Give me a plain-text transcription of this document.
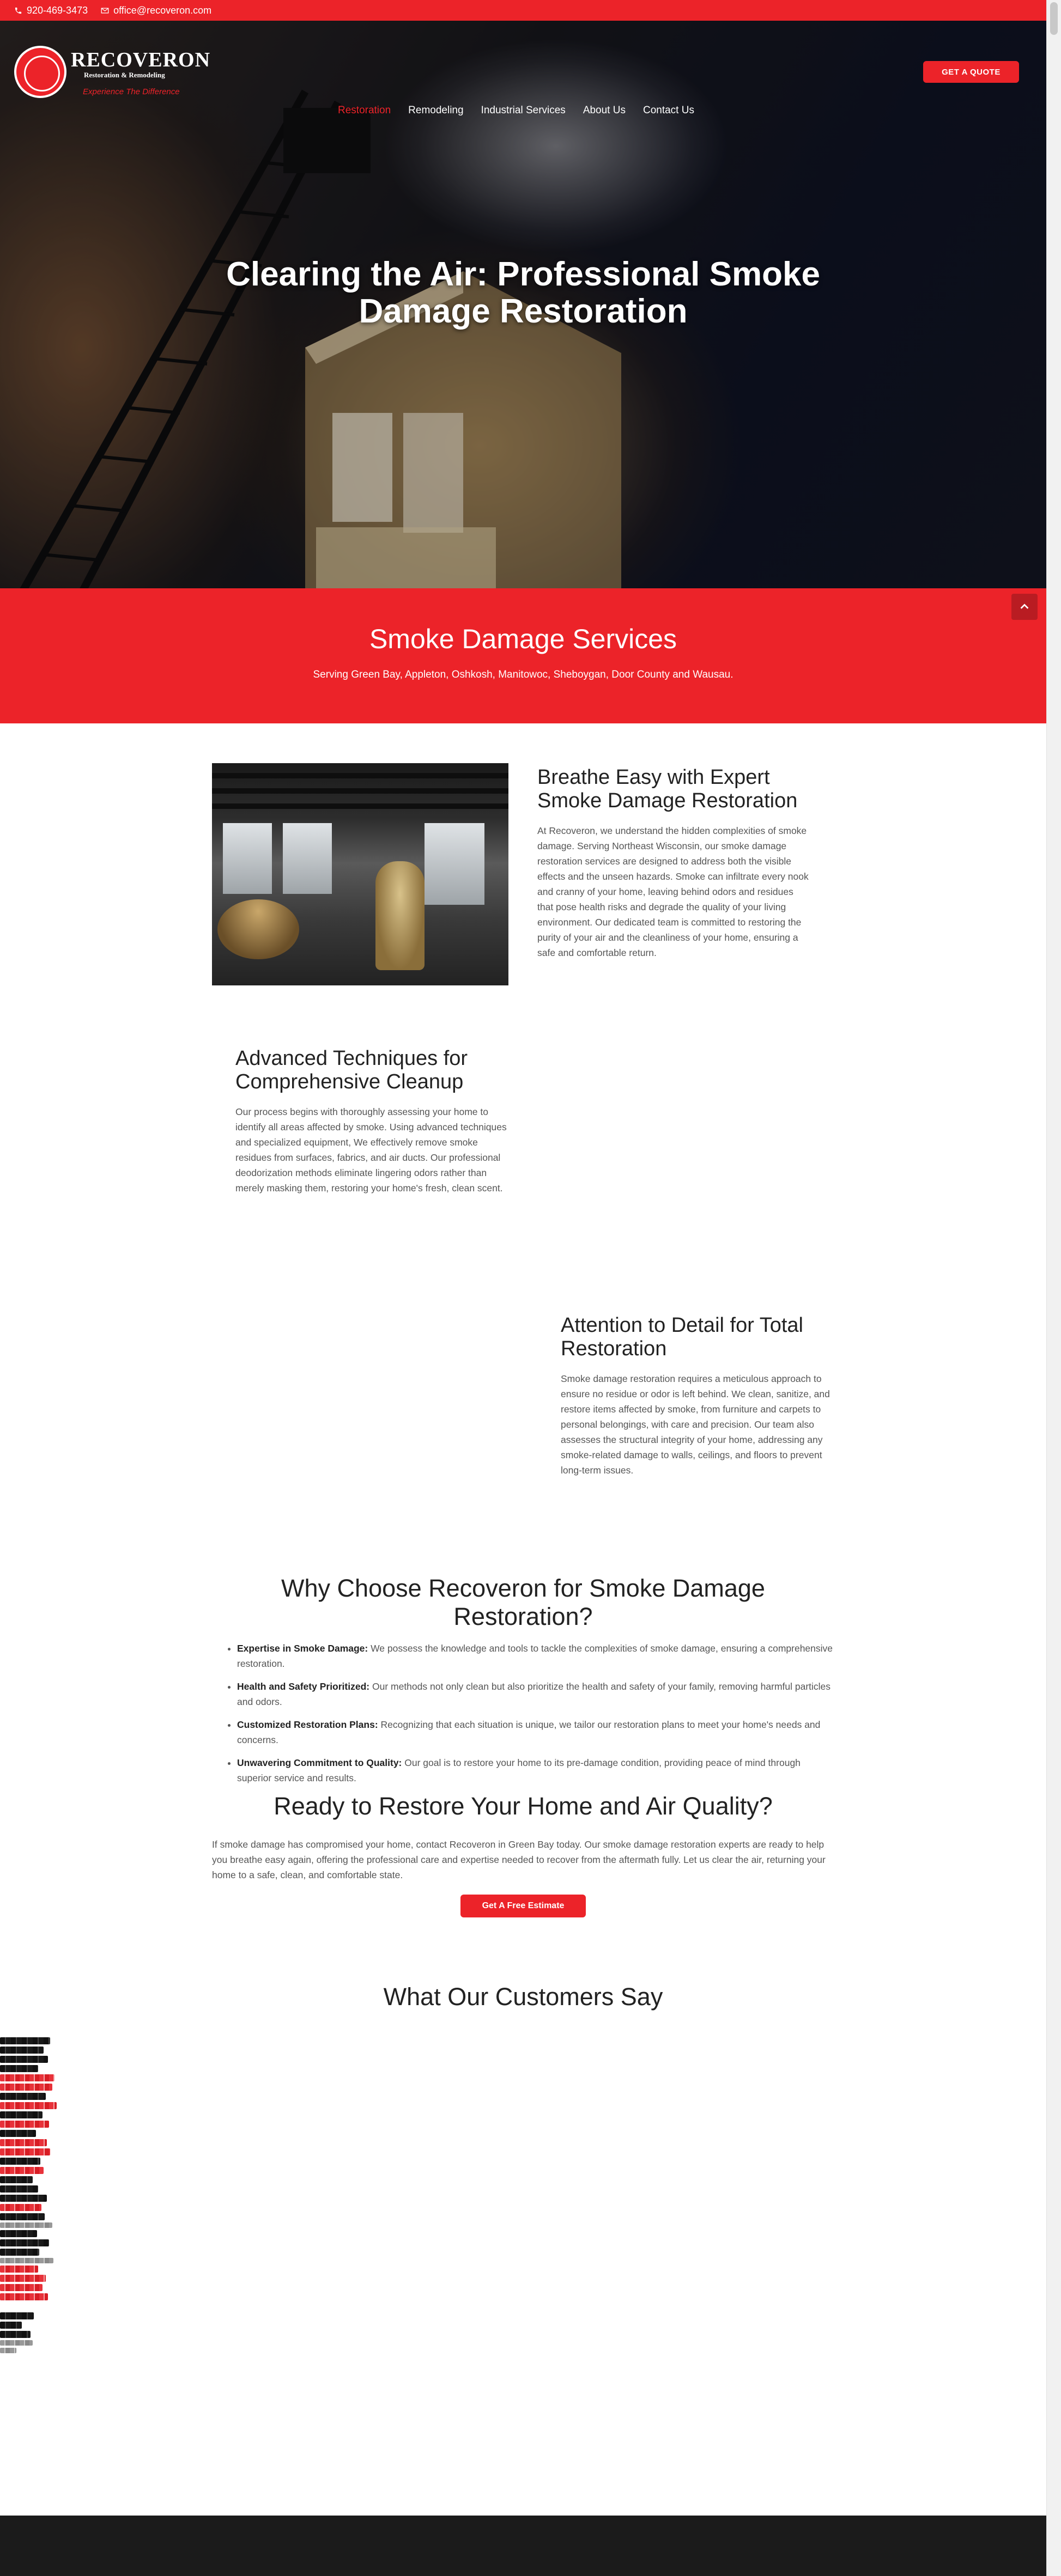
920-469-3473	office@recoveron.com
RECOVERON
Restoration & Remodeling
Experience The Difference
Restoration Remodeling Industrial Services About Us Contact Us
GET A QUOTE
Clearing the Air: Professional Smoke Damage Restoration
Smoke Damage Services

Serving Green Bay, Appleton, Oshkosh, Manitowoc, Sheboygan, Door County and Wausau.

Breathe Easy with Expert Smoke Damage Restoration

At Recoveron, we understand the hidden complexities of smoke damage. Serving Northeast Wisconsin, our smoke damage restoration services are designed to address both the visible effects and the unseen hazards. Smoke can infiltrate every nook and cranny of your home, leaving behind odors and residues that pose health risks and degrade the quality of your living environment. Our dedicated team is committed to restoring the purity of your air and the cleanliness of your home, ensuring a safe and comfortable return.

Advanced Techniques for Comprehensive Cleanup

Our process begins with thoroughly assessing your home to identify all areas affected by smoke. Using advanced techniques and specialized equipment, We effectively remove smoke residues from surfaces, fabrics, and air ducts. Our professional deodorization methods eliminate lingering odors rather than merely masking them, restoring your home's fresh, clean scent.

Attention to Detail for Total Restoration

Smoke damage restoration requires a meticulous approach to ensure no residue or odor is left behind. We clean, sanitize, and restore items affected by smoke, from furniture and carpets to personal belongings, with care and precision. Our team also assesses the structural integrity of your home, addressing any smoke-related damage to walls, ceilings, and floors to prevent long-term issues.

Why Choose Recoveron for Smoke Damage Restoration?
• Expertise in Smoke Damage: We possess the knowledge and tools to tackle the complexities of smoke damage, ensuring a comprehensive restoration.
• Health and Safety Prioritized: Our methods not only clean but also prioritize the health and safety of your family, removing harmful particles and odors.
• Customized Restoration Plans: Recognizing that each situation is unique, we tailor our restoration plans to meet your home's needs and concerns.
• Unwavering Commitment to Quality: Our goal is to restore your home to its pre-damage condition, providing peace of mind through superior service and results.
Ready to Restore Your Home and Air Quality?

If smoke damage has compromised your home, contact Recoveron in Green Bay today. Our smoke damage restoration experts are ready to help you breathe easy again, offering the professional care and expertise needed to recover from the aftermath fully. Let us clear the air, returning your home to a safe, clean, and comfortable state.

Get A Free Estimate
What Our Customers Say
